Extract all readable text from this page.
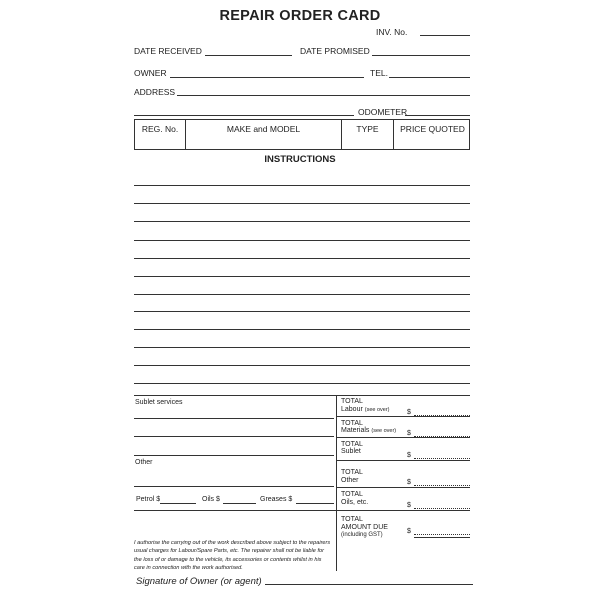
REPAIR ORDER CARD
INV. No.
DATE RECEIVED	DATE PROMISED
OWNER	TEL.
ADDRESS
ODOMETER
REG. No.	MAKE and MODEL	TYPE	PRICE QUOTED
INSTRUCTIONS
Sublet services
Other
Petrol $	Oils $	Greases $
I authorise the carrying out of the work described above subject to the repairers usual charges for Labour/Spare Parts, etc. The repairer shall not be liable for the loss of or damage to the vehicle, its accessories or contents whilst in his care in connection with the work authorised.
TOTAL
Labour (see over) $
TOTAL
Materials (see over) $
TOTAL
Sublet
$
TOTAL
Other	$
TOTAL
Oils, etc.	$
TOTAL
AMOUNT DUE
(including GST)	$
Signature of Owner (or agent)
